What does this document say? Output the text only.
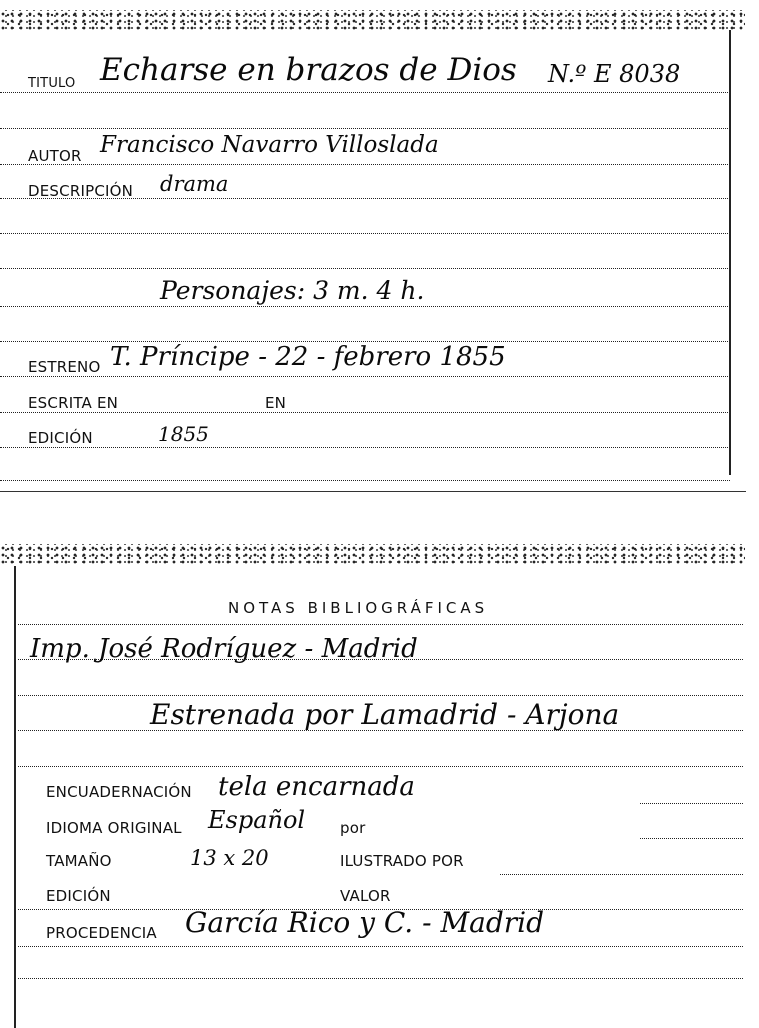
TITULO Echarse en brazos de Dios N.º E 8038
AUTOR Francisco Navarro Villoslada
DESCRIPCIÓN drama
Personajes: 3 m. 4 h.
ESTRENO T. Príncipe - 22 - febrero 1855
ESCRITA EN	EN
EDICIÓN	1855
NOTAS BIBLIOGRÁFICAS
Imp. José Rodríguez - Madrid
Estrenada por Lamadrid - Arjona
ENCUADERNACIÓN tela encarnada
IDIOMA ORIGINAL Español por
TAMAÑO	13 x 20	ILUSTRADO POR
EDICIÓN	VALOR
PROCEDENCIA García Rico y C. - Madrid
